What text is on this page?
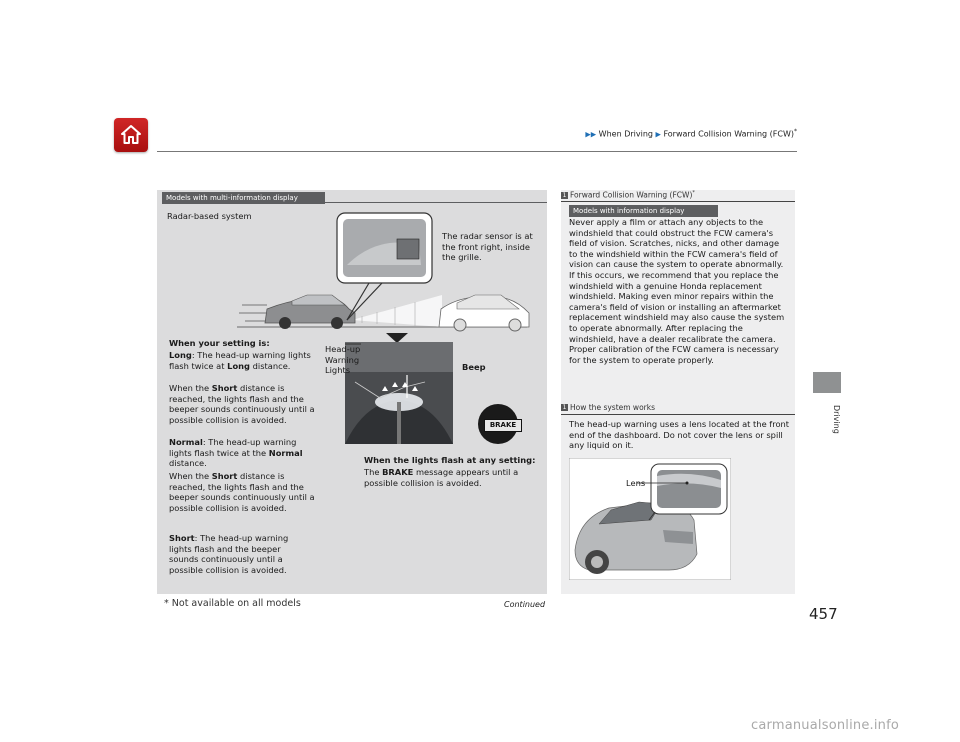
▶▶ When Driving ▶ Forward Collision Warning (FCW)*
Driving
Models with multi-information display
Radar-based system
The radar sensor is at the front right, inside the grille.
When your setting is:
Long: The head-up warning lights flash twice at Long distance.
When the Short distance is reached, the lights flash and the beeper sounds continuously until a possible collision is avoided.
Normal: The head-up warning lights flash twice at the Normal distance.
When the Short distance is reached, the lights flash and the beeper sounds continuously until a possible collision is avoided.
Short: The head-up warning lights flash and the beeper sounds continuously until a possible collision is avoided.
BRAKE
Head-up Warning Lights	Beep
When the lights flash at any setting:
The BRAKE message appears until a possible collision is avoided.
1 Forward Collision Warning (FCW)*
Models with information display
Never apply a film or attach any objects to the windshield that could obstruct the FCW camera's field of vision. Scratches, nicks, and other damage to the windshield within the FCW camera's field of vision can cause the system to operate abnormally. If this occurs, we recommend that you replace the windshield with a genuine Honda replacement windshield. Making even minor repairs within the camera's field of vision or installing an aftermarket replacement windshield may also cause the system to operate abnormally. After replacing the windshield, have a dealer recalibrate the camera. Proper calibration of the FCW camera is necessary for the system to operate properly.
1 How the system works
The head-up warning uses a lens located at the front end of the dashboard. Do not cover the lens or spill any liquid on it.
Lens
* Not available on all models	Continued
457
carmanualsonline.info
